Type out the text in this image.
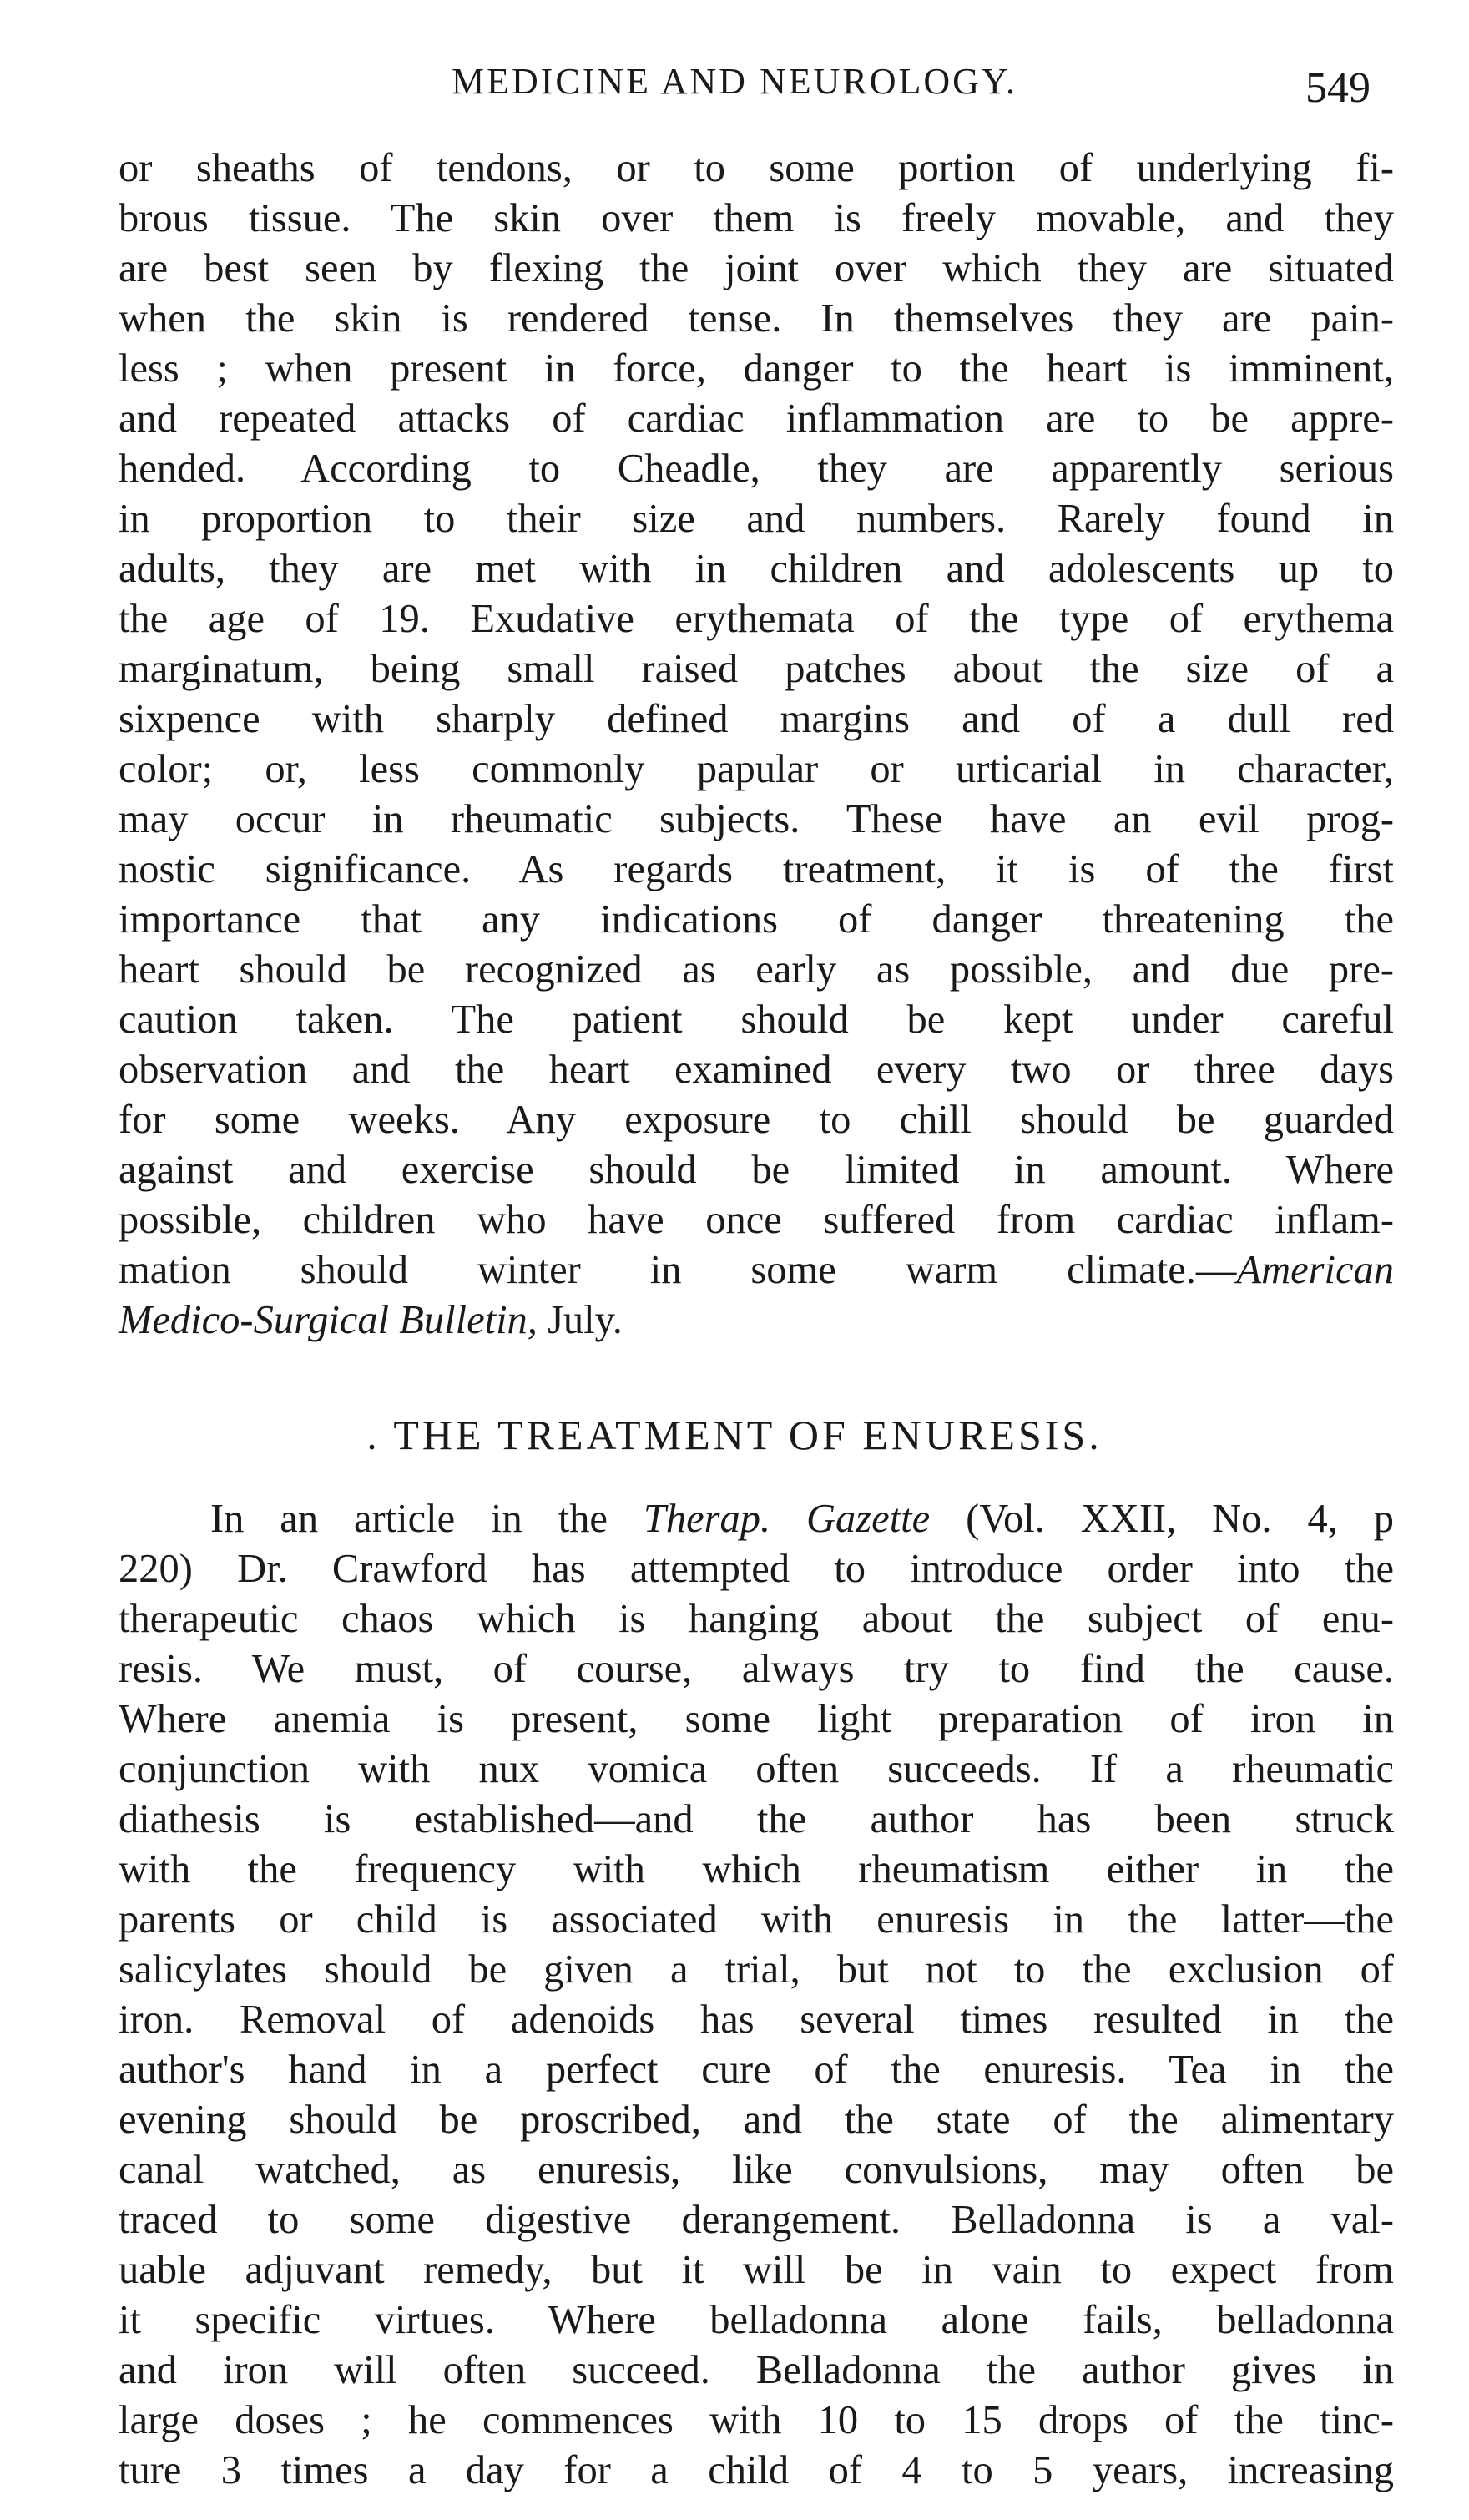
MEDICINE AND NEUROLOGY.	549

or sheaths of tendons, or to some portion of underlying fi-
brous tissue. The skin over them is freely movable, and they
are best seen by flexing the joint over which they are situated
when the skin is rendered tense. In themselves they are pain-
less ; when present in force, danger to the heart is imminent,
and repeated attacks of cardiac inflammation are to be appre-
hended. According to Cheadle, they are apparently serious
in proportion to their size and numbers. Rarely found in
adults, they are met with in children and adolescents up to
the age of 19. Exudative erythemata of the type of erythema
marginatum, being small raised patches about the size of a
sixpence with sharply defined margins and of a dull red
color; or, less commonly papular or urticarial in character,
may occur in rheumatic subjects. These have an evil prog-
nostic significance. As regards treatment, it is of the first
importance that any indications of danger threatening the
heart should be recognized as early as possible, and due pre-
caution taken. The patient should be kept under careful
observation and the heart examined every two or three days
for some weeks. Any exposure to chill should be guarded
against and exercise should be limited in amount. Where
possible, children who have once suffered from cardiac inflam-

mation should winter in some warm climate.—American
Medico-Surgical Bulletin, July.
. THE TREATMENT OF ENURESIS.
In an article in the Therap. Gazette (Vol. XXII, No. 4, p

220) Dr. Crawford has attempted to introduce order into the
therapeutic chaos which is hanging about the subject of enu-
resis. We must, of course, always try to find the cause.
Where anemia is present, some light preparation of iron in
conjunction with nux vomica often succeeds. If a rheumatic
diathesis is established—and the author has been struck
with the frequency with which rheumatism either in the
parents or child is associated with enuresis in the latter—the
salicylates should be given a trial, but not to the exclusion of
iron. Removal of adenoids has several times resulted in the
author's hand in a perfect cure of the enuresis. Tea in the
evening should be proscribed, and the state of the alimentary
canal watched, as enuresis, like convulsions, may often be
traced to some digestive derangement. Belladonna is a val-
uable adjuvant remedy, but it will be in vain to expect from
it specific virtues. Where belladonna alone fails, belladonna
and iron will often succeed. Belladonna the author gives in
large doses ; he commences with 10 to 15 drops of the tinc-
ture 3 times a day for a child of 4 to 5 years, increasing
